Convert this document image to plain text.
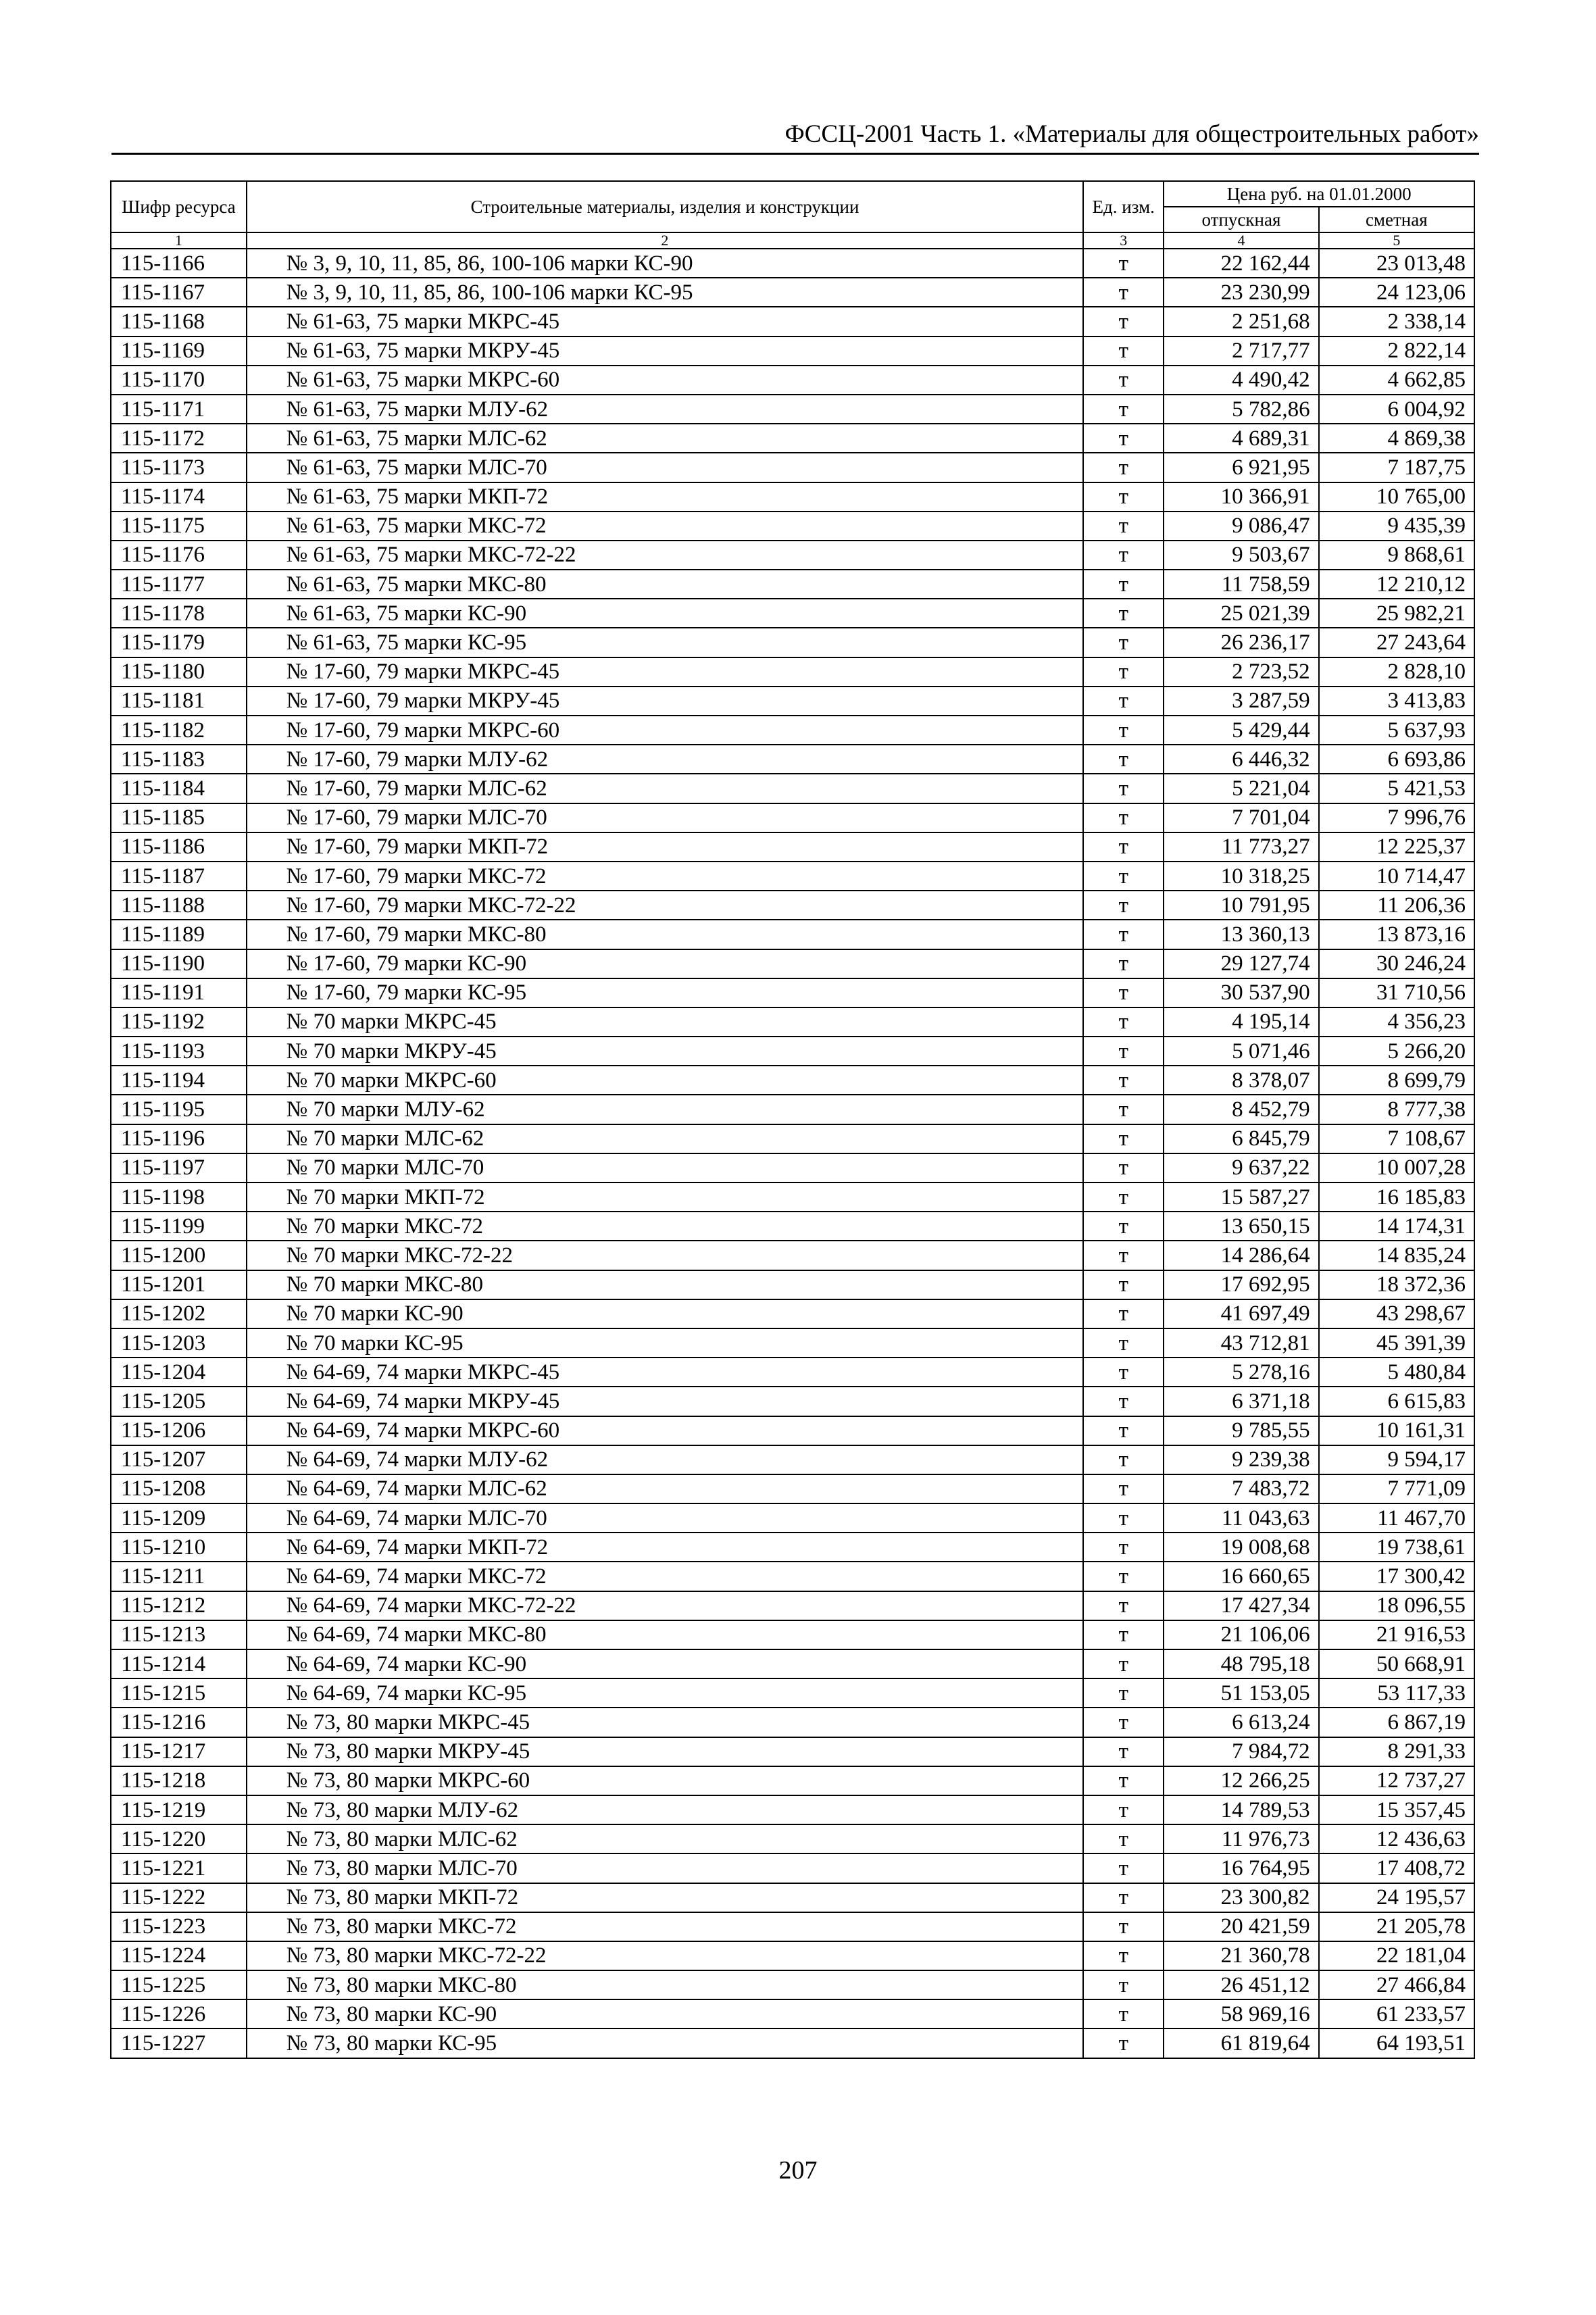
ФССЦ-2001 Часть 1. «Материалы для общестроительных работ»
Шифр ресурса	Строительные материалы, изделия и конструкции	Ед. изм.	Цена руб. на 01.01.2000	
			отпускная	сметная
1	2	3	4	5
115-1166	№ 3, 9, 10, 11, 85, 86, 100-106 марки КС-90	т	22 162,44	23 013,48
115-1167	№ 3, 9, 10, 11, 85, 86, 100-106 марки КС-95	т	23 230,99	24 123,06
115-1168	№ 61-63, 75 марки МКРС-45	т	2 251,68	2 338,14
115-1169	№ 61-63, 75 марки МКРУ-45	т	2 717,77	2 822,14
115-1170	№ 61-63, 75 марки МКРС-60	т	4 490,42	4 662,85
115-1171	№ 61-63, 75 марки МЛУ-62	т	5 782,86	6 004,92
115-1172	№ 61-63, 75 марки МЛС-62	т	4 689,31	4 869,38
115-1173	№ 61-63, 75 марки МЛС-70	т	6 921,95	7 187,75
115-1174	№ 61-63, 75 марки МКП-72	т	10 366,91	10 765,00
115-1175	№ 61-63, 75 марки МКС-72	т	9 086,47	9 435,39
115-1176	№ 61-63, 75 марки МКС-72-22	т	9 503,67	9 868,61
115-1177	№ 61-63, 75 марки МКС-80	т	11 758,59	12 210,12
115-1178	№ 61-63, 75 марки КС-90	т	25 021,39	25 982,21
115-1179	№ 61-63, 75 марки КС-95	т	26 236,17	27 243,64
115-1180	№ 17-60, 79 марки МКРС-45	т	2 723,52	2 828,10
115-1181	№ 17-60, 79 марки МКРУ-45	т	3 287,59	3 413,83
115-1182	№ 17-60, 79 марки МКРС-60	т	5 429,44	5 637,93
115-1183	№ 17-60, 79 марки МЛУ-62	т	6 446,32	6 693,86
115-1184	№ 17-60, 79 марки МЛС-62	т	5 221,04	5 421,53
115-1185	№ 17-60, 79 марки МЛС-70	т	7 701,04	7 996,76
115-1186	№ 17-60, 79 марки МКП-72	т	11 773,27	12 225,37
115-1187	№ 17-60, 79 марки МКС-72	т	10 318,25	10 714,47
115-1188	№ 17-60, 79 марки МКС-72-22	т	10 791,95	11 206,36
115-1189	№ 17-60, 79 марки МКС-80	т	13 360,13	13 873,16
115-1190	№ 17-60, 79 марки КС-90	т	29 127,74	30 246,24
115-1191	№ 17-60, 79 марки КС-95	т	30 537,90	31 710,56
115-1192	№ 70 марки МКРС-45	т	4 195,14	4 356,23
115-1193	№ 70 марки МКРУ-45	т	5 071,46	5 266,20
115-1194	№ 70 марки МКРС-60	т	8 378,07	8 699,79
115-1195	№ 70 марки МЛУ-62	т	8 452,79	8 777,38
115-1196	№ 70 марки МЛС-62	т	6 845,79	7 108,67
115-1197	№ 70 марки МЛС-70	т	9 637,22	10 007,28
115-1198	№ 70 марки МКП-72	т	15 587,27	16 185,83
115-1199	№ 70 марки МКС-72	т	13 650,15	14 174,31
115-1200	№ 70 марки МКС-72-22	т	14 286,64	14 835,24
115-1201	№ 70 марки МКС-80	т	17 692,95	18 372,36
115-1202	№ 70 марки КС-90	т	41 697,49	43 298,67
115-1203	№ 70 марки КС-95	т	43 712,81	45 391,39
115-1204	№ 64-69, 74 марки МКРС-45	т	5 278,16	5 480,84
115-1205	№ 64-69, 74 марки МКРУ-45	т	6 371,18	6 615,83
115-1206	№ 64-69, 74 марки МКРС-60	т	9 785,55	10 161,31
115-1207	№ 64-69, 74 марки МЛУ-62	т	9 239,38	9 594,17
115-1208	№ 64-69, 74 марки МЛС-62	т	7 483,72	7 771,09
115-1209	№ 64-69, 74 марки МЛС-70	т	11 043,63	11 467,70
115-1210	№ 64-69, 74 марки МКП-72	т	19 008,68	19 738,61
115-1211	№ 64-69, 74 марки МКС-72	т	16 660,65	17 300,42
115-1212	№ 64-69, 74 марки МКС-72-22	т	17 427,34	18 096,55
115-1213	№ 64-69, 74 марки МКС-80	т	21 106,06	21 916,53
115-1214	№ 64-69, 74 марки КС-90	т	48 795,18	50 668,91
115-1215	№ 64-69, 74 марки КС-95	т	51 153,05	53 117,33
115-1216	№ 73, 80 марки МКРС-45	т	6 613,24	6 867,19
115-1217	№ 73, 80 марки МКРУ-45	т	7 984,72	8 291,33
115-1218	№ 73, 80 марки МКРС-60	т	12 266,25	12 737,27
115-1219	№ 73, 80 марки МЛУ-62	т	14 789,53	15 357,45
115-1220	№ 73, 80 марки МЛС-62	т	11 976,73	12 436,63
115-1221	№ 73, 80 марки МЛС-70	т	16 764,95	17 408,72
115-1222	№ 73, 80 марки МКП-72	т	23 300,82	24 195,57
115-1223	№ 73, 80 марки МКС-72	т	20 421,59	21 205,78
115-1224	№ 73, 80 марки МКС-72-22	т	21 360,78	22 181,04
115-1225	№ 73, 80 марки МКС-80	т	26 451,12	27 466,84
115-1226	№ 73, 80 марки КС-90	т	58 969,16	61 233,57
115-1227	№ 73, 80 марки КС-95	т	61 819,64	64 193,51
207
